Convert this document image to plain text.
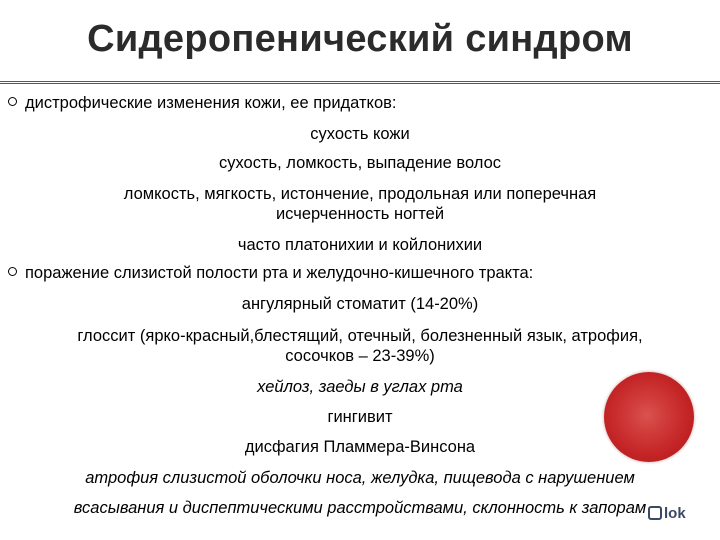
Сидеропенический синдром
дистрофические изменения кожи, ее придатков:
сухость кожи
сухость, ломкость, выпадение волос
ломкость, мягкость, истончение, продольная или поперечная
исчерченность ногтей
часто платонихии и койлонихии
поражение слизистой полости рта и желудочно-кишечного тракта:
ангулярный стоматит (14-20%)
глоссит (ярко-красный,блестящий, отечный, болезненный язык, атрофия,
сосочков – 23-39%)
хейлоз, заеды в углах рта
гингивит
дисфагия Пламмера-Винсона
атрофия слизистой оболочки носа, желудка, пищевода с нарушением
всасывания и диспептическими расстройствами, склонность к запорам	lok
